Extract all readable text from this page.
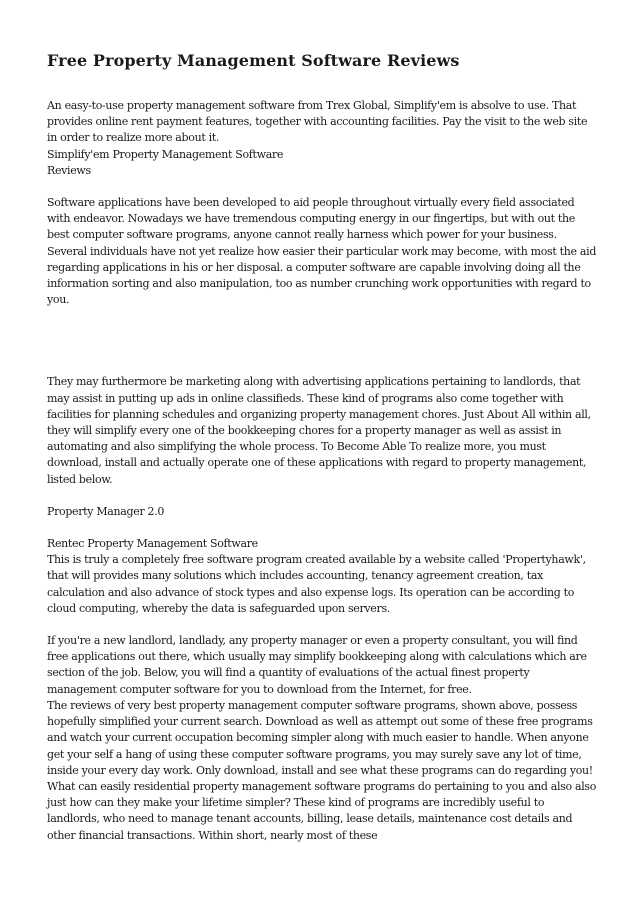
Free Property Management Software Reviews

An easy-to-use property management software from Trex Global, Simplify'em is absolve to use. That provides online rent payment features, together with accounting facilities. Pay the visit to the web site in order to realize more about it.

Simplify'em Property Management Software

Reviews

Software applications have been developed to aid people throughout virtually every field associated with endeavor. Nowadays we have tremendous computing energy in our fingertips, but with out the best computer software programs, anyone cannot really harness which power for your business. Several individuals have not yet realize how easier their particular work may become, with most the aid regarding applications in his or her disposal. a computer software are capable involving doing all the information sorting and also manipulation, too as number crunching work opportunities with regard to you.

They may furthermore be marketing along with advertising applications pertaining to landlords, that may assist in putting up ads in online classifieds. These kind of programs also come together with facilities for planning schedules and organizing property management chores. Just About All within all, they will simplify every one of the bookkeeping chores for a property manager as well as assist in automating and also simplifying the whole process. To Become Able To realize more, you must download, install and actually operate one of these applications with regard to property management, listed below.

Property Manager 2.0

Rentec Property Management Software

This is truly a completely free software program created available by a website called 'Propertyhawk', that will provides many solutions which includes accounting, tenancy agreement creation, tax calculation and also advance of stock types and also expense logs. Its operation can be according to cloud computing, whereby the data is safeguarded upon servers.

If you're a new landlord, landlady, any property manager or even a property consultant, you will find free applications out there, which usually may simplify bookkeeping along with calculations which are section of the job. Below, you will find a quantity of evaluations of the actual finest property management computer software for you to download from the Internet, for free.

The reviews of very best property management computer software programs, shown above, possess hopefully simplified your current search. Download as well as attempt out some of these free programs and watch your current occupation becoming simpler along with much easier to handle. When anyone get your self a hang of using these computer software programs, you may surely save any lot of time, inside your every day work. Only download, install and see what these programs can do regarding you! What can easily residential property management software programs do pertaining to you and also also just how can they make your lifetime simpler? These kind of programs are incredibly useful to landlords, who need to manage tenant accounts, billing, lease details, maintenance cost details and other financial transactions. Within short, nearly most of these
